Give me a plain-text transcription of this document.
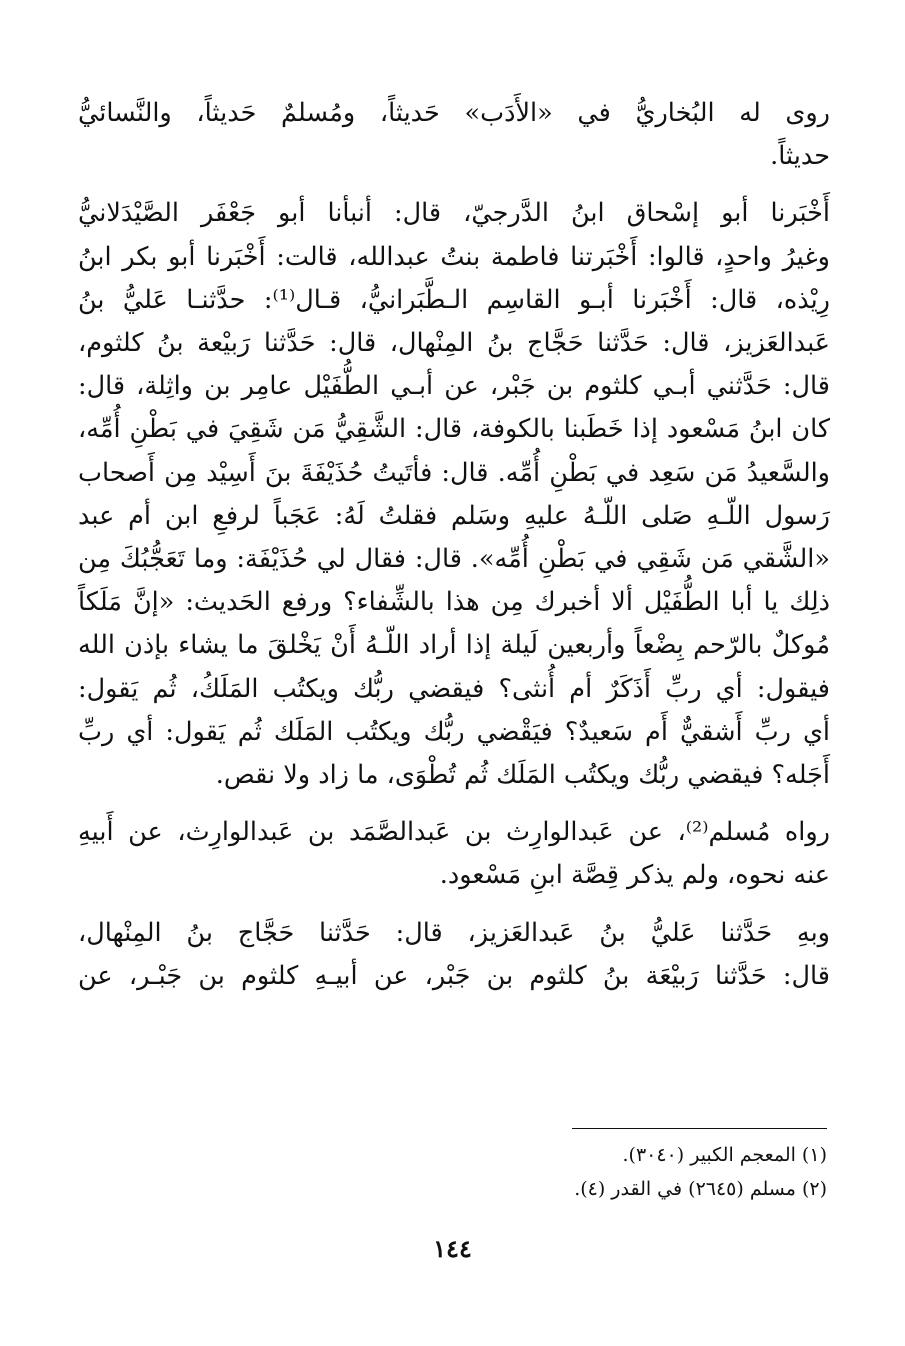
روى له البُخاريُّ في «الأَدَب» حَديثاً، ومُسلمٌ حَديثاً، والنَّسائيُّ
حديثاً.

أَخْبَرنا أبو إسْحاق ابنُ الدَّرجيّ، قال: أنبأنا أبو جَعْفَر الصَّيْدَلانيُّ
وغيرُ واحدٍ، قالوا: أَخْبَرتنا فاطمة بنتُ عبدالله، قالت: أَخْبَرنا أبو بكر ابنُ
رِيْذه، قال: أَخْبَرنا أبـو القاسِم الـطَّبَرانيُّ، قـال⁽¹⁾: حدَّثنـا عَليُّ بنُ
عَبدالعَزيز، قال: حَدَّثنا حَجَّاج بنُ المِنْهال، قال: حَدَّثنا رَبيْعة بنُ كلثوم،
قال: حَدَّثني أبـي كلثوم بن جَبْر، عن أبـي الطُّفَيْل عامِر بن واثِلة، قال:
كان ابنُ مَسْعود إذا خَطَبنا بالكوفة، قال: الشَّقِيُّ مَن شَقِيَ في بَطْنِ أُمِّه،
والسَّعيدُ مَن سَعِد في بَطْنِ أُمِّه. قال: فأتَيتُ حُذَيْفَةَ بنَ أَسِيْد مِن أَصحاب
رَسول اللّـهِ صَلى اللّـهُ عليهِ وسَلم فقلتُ لَهُ: عَجَباً لرفعِ ابن أم عبد
«الشَّقي مَن شَقِي في بَطْنِ أُمِّه». قال: فقال لي حُذَيْفَة: وما تَعَجُّبُكَ مِن
ذلِك يا أبا الطُّفَيْل ألا أخبرك مِن هذا بالشِّفاء؟ ورفع الحَديث: «إنَّ مَلَكاً
مُوكلٌ بالرّحم بِضْعاً وأربعين لَيلة إذا أراد اللّـهُ أَنْ يَخْلقَ ما يشاء بإذن الله
فيقول: أي ربِّ أَذَكَرٌ أم أُنثى؟ فيقضي ربُّك ويكتُب المَلَكُ، ثُم يَقول:
أي ربِّ أَشقيٌّ أَم سَعيدٌ؟ فيَقْضي ربُّك ويكتُب المَلَك ثُم يَقول: أي ربِّ
أَجَله؟ فيقضي ربُّك ويكتُب المَلَك ثُم تُطْوَى، ما زاد ولا نقص.

رواه مُسلم⁽²⁾، عن عَبدالوارِث بن عَبدالصَّمَد بن عَبدالوارِث، عن أَبيهِ
عنه نحوه، ولم يذكر قِصَّة ابنِ مَسْعود.

وبهِ حَدَّثنا عَليُّ بنُ عَبدالعَزيز، قال: حَدَّثنا حَجَّاج بنُ المِنْهال،
قال: حَدَّثنا رَبيْعَة بنُ كلثوم بن جَبْر، عن أبيـهِ كلثوم بن جَبْـر، عن

(١) المعجم الكبير (٣٠٤٠).
(٢) مسلم (٢٦٤٥) في القدر (٤).
١٤٤
